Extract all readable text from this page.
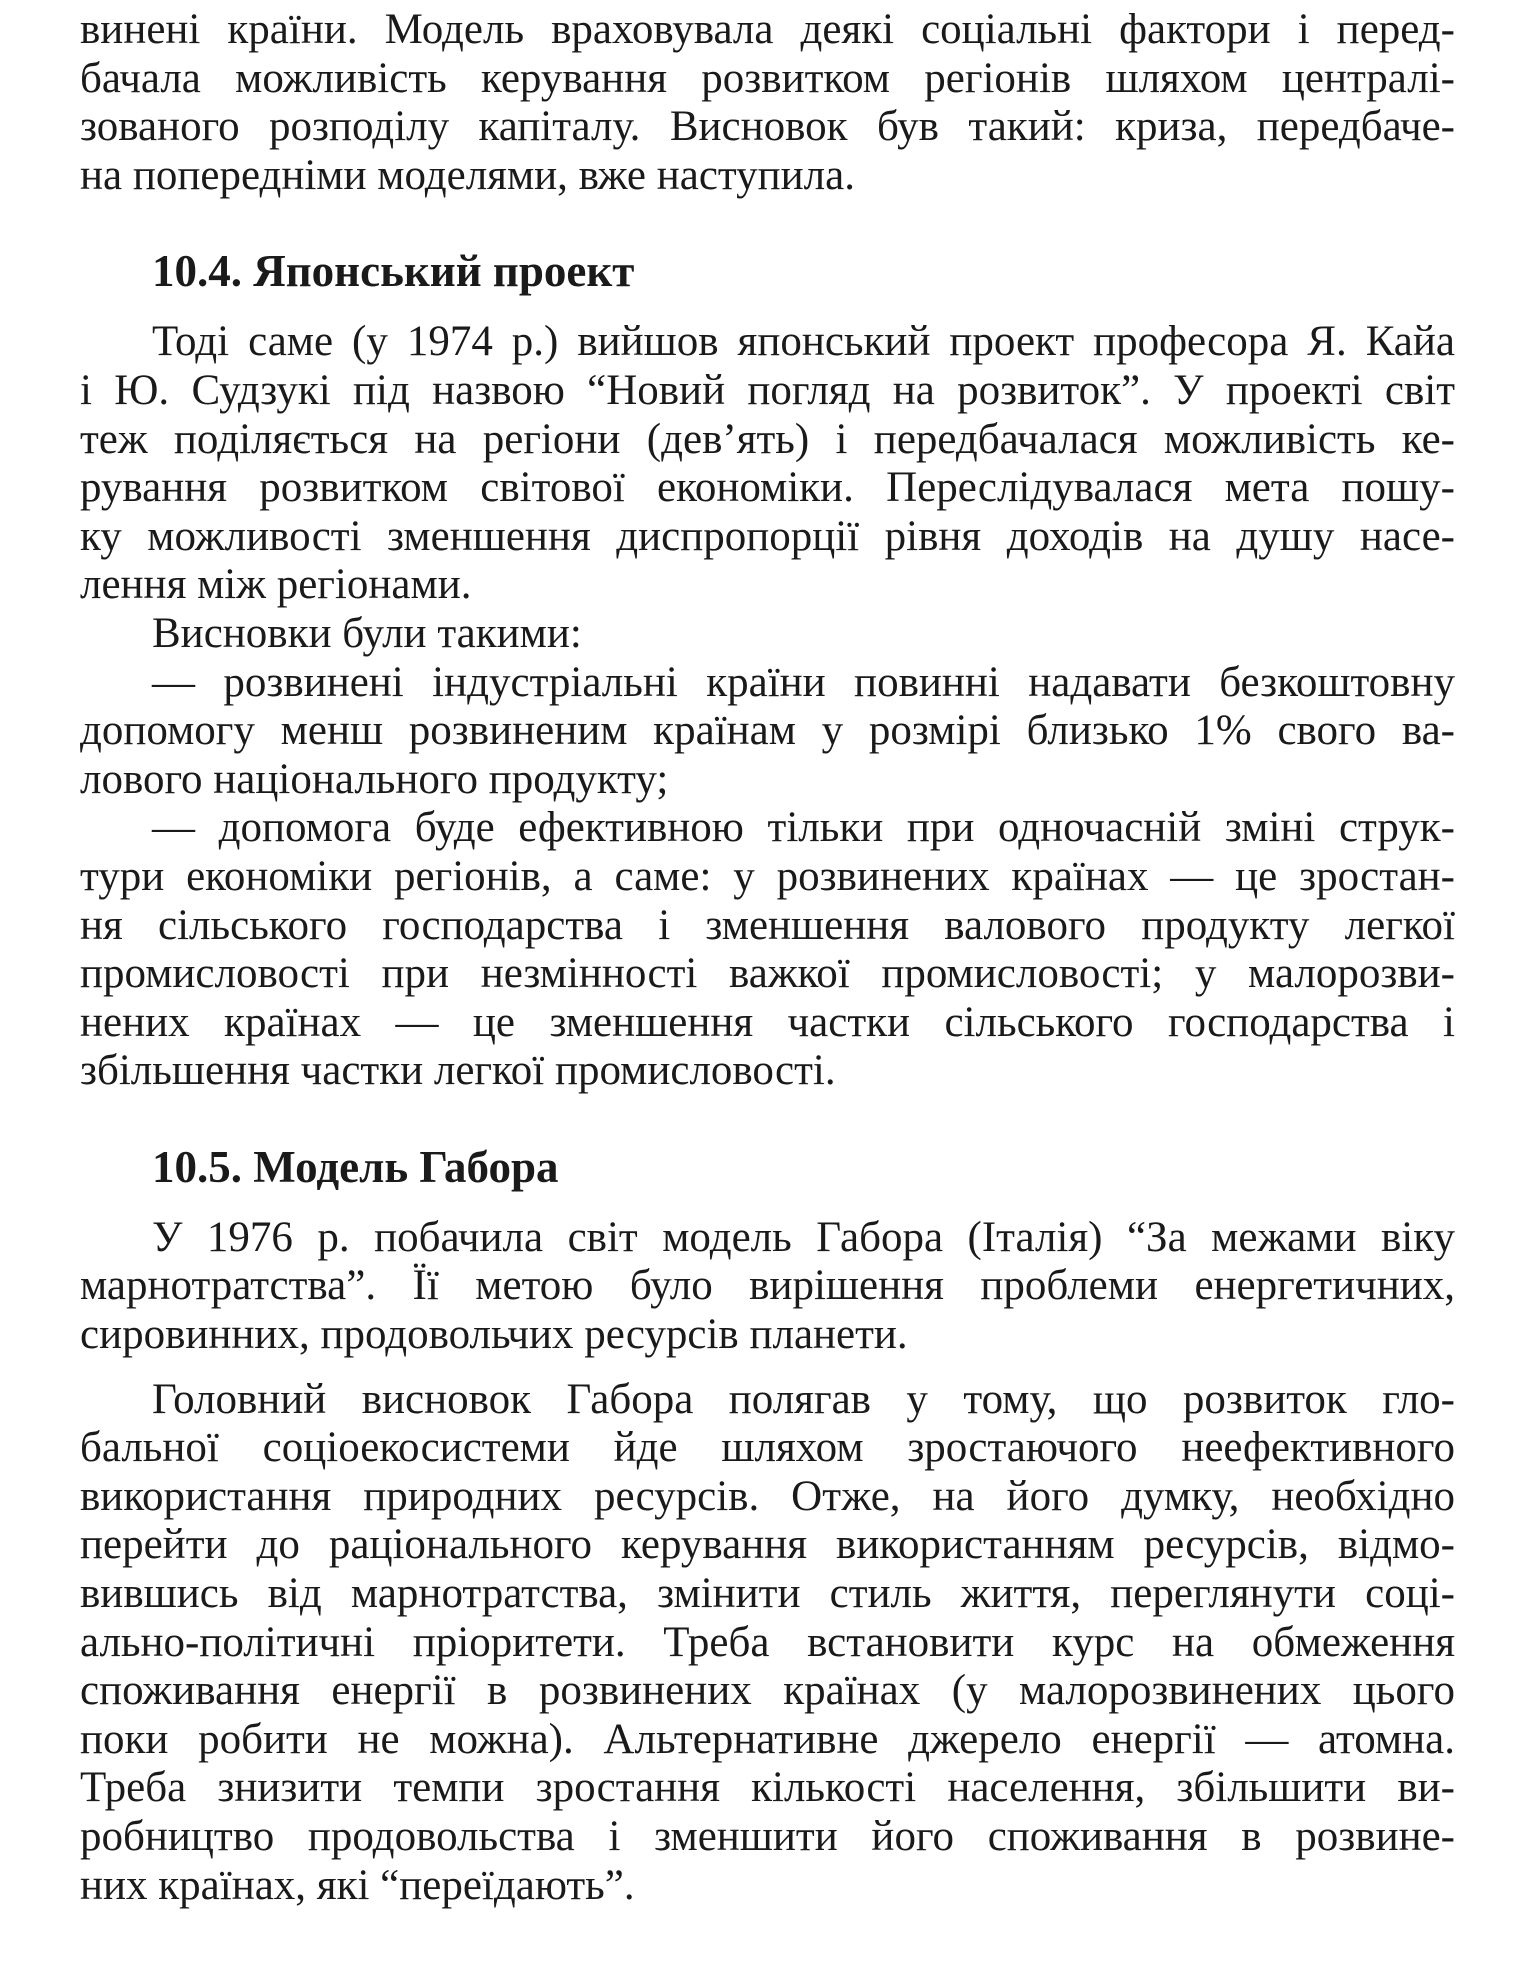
винені країни. Модель враховувала деякі соціальні фактори і перед-
бачала можливість керування розвитком регіонів шляхом централі-
зованого розподілу капіталу. Висновок був такий: криза, передбаче-
на попередніми моделями, вже наступила.
10.4. Японський проект
Тоді саме (у 1974 р.) вийшов японський проект професора Я. Кайа
і Ю. Судзукі під назвою “Новий погляд на розвиток”. У проекті світ
теж поділяється на регіони (дев’ять) і передбачалася можливість ке-
рування розвитком світової економіки. Переслідувалася мета пошу-
ку можливості зменшення диспропорції рівня доходів на душу насе-
лення між регіонами.
Висновки були такими:
— розвинені індустріальні країни повинні надавати безкоштовну
допомогу менш розвиненим країнам у розмірі близько 1% свого ва-
лового національного продукту;
— допомога буде ефективною тільки при одночасній зміні струк-
тури економіки регіонів, а саме: у розвинених країнах — це зростан-
ня сільського господарства і зменшення валового продукту легкої
промисловості при незмінності важкої промисловості; у малорозви-
нених країнах — це зменшення частки сільського господарства і
збільшення частки легкої промисловості.
10.5. Модель Габора
У 1976 р. побачила світ модель Габора (Італія) “За межами віку
марнотратства”. Її метою було вирішення проблеми енергетичних,
сировинних, продовольчих ресурсів планети.
Головний висновок Габора полягав у тому, що розвиток гло-
бальної соціоекосистеми йде шляхом зростаючого неефективного
використання природних ресурсів. Отже, на його думку, необхідно
перейти до раціонального керування використанням ресурсів, відмо-
вившись від марнотратства, змінити стиль життя, переглянути соці-
ально-політичні пріоритети. Треба встановити курс на обмеження
споживання енергії в розвинених країнах (у малорозвинених цього
поки робити не можна). Альтернативне джерело енергії — атомна.
Треба знизити темпи зростання кількості населення, збільшити ви-
робництво продовольства і зменшити його споживання в розвине-
них країнах, які “переїдають”.
